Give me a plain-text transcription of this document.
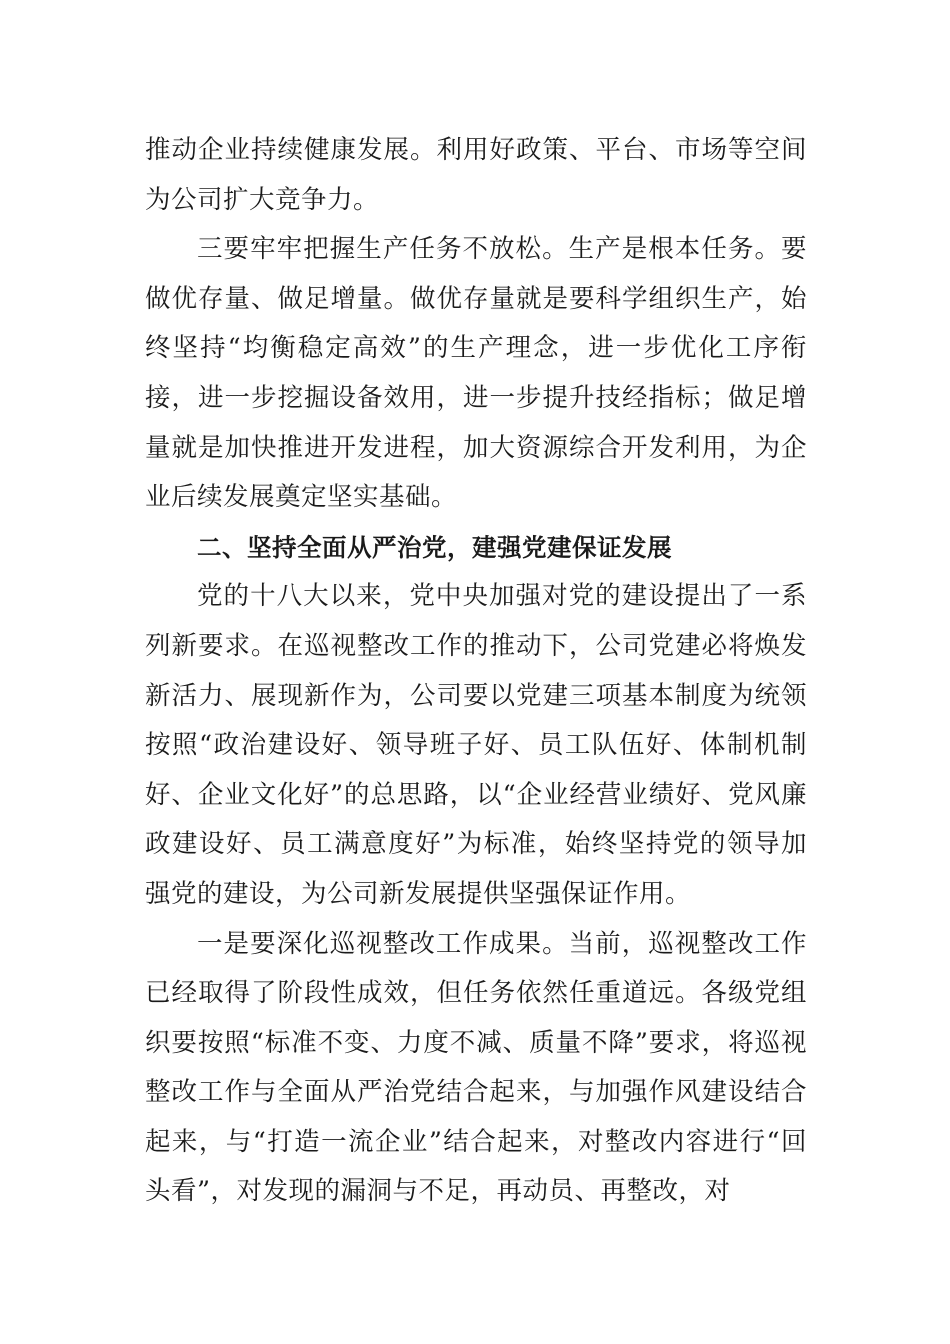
推动企业持续健康发展。利用好政策、平台、市场等空间为公司扩大竞争力。

三要牢牢把握生产任务不放松。生产是根本任务。要做优存量、做足增量。做优存量就是要科学组织生产，始终坚持“均衡稳定高效”的生产理念，进一步优化工序衔接，进一步挖掘设备效用，进一步提升技经指标；做足增量就是加快推进开发进程，加大资源综合开发利用，为企业后续发展奠定坚实基础。

二、坚持全面从严治党，建强党建保证发展

党的十八大以来，党中央加强对党的建设提出了一系列新要求。在巡视整改工作的推动下，公司党建必将焕发新活力、展现新作为，公司要以党建三项基本制度为统领按照“政治建设好、领导班子好、员工队伍好、体制机制好、企业文化好”的总思路，以“企业经营业绩好、党风廉政建设好、员工满意度好”为标准，始终坚持党的领导加强党的建设，为公司新发展提供坚强保证作用。

一是要深化巡视整改工作成果。当前，巡视整改工作已经取得了阶段性成效，但任务依然任重道远。各级党组织要按照“标准不变、力度不减、质量不降”要求，将巡视整改工作与全面从严治党结合起来，与加强作风建设结合起来，与“打造一流企业”结合起来，对整改内容进行“回头看”，对发现的漏洞与不足，再动员、再整改，对
